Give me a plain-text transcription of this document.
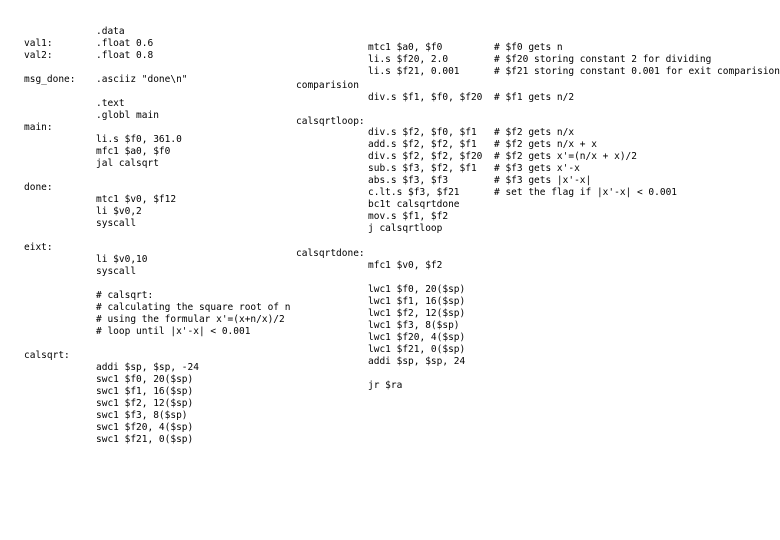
val1:
val2:
msg_done:
main:
done:
eixt:
calsqrt:
.data
.float 0.6
.float 0.8
.asciiz "done\n"
.text
.globl main
li.s $f0, 361.0
mfc1 $a0, $f0
jal calsqrt
mtc1 $v0, $f12
li $v0,2
syscall
li $v0,10
syscall
# calsqrt:
# calculating the square root of n
# using the formular x'=(x+n/x)/2
# loop until |x'-x| < 0.001
addi $sp, $sp, -24
swc1 $f0, 20($sp)
swc1 $f1, 16($sp)
swc1 $f2, 12($sp)
swc1 $f3, 8($sp)
swc1 $f20, 4($sp)
swc1 $f21, 0($sp)
comparision
calsqrtloop:
calsqrtdone:
mtc1 $a0, $f0
li.s $f20, 2.0
li.s $f21, 0.001
# $f0 gets n
# $f20 storing constant 2 for dividing
# $f21 storing constant 0.001 for exit comparision
div.s $f1, $f0, $f20 # $f1 gets n/2
div.s $f2, $f0, $f1
add.s $f2, $f2, $f1
div.s $f2, $f2, $f20
sub.s $f3, $f2, $f1
abs.s $f3, $f3
c.lt.s $f3, $f21
bc1t calsqrtdone
mov.s $f1, $f2
j calsqrtloop
# $f2 gets n/x
# $f2 gets n/x + x
# $f2 gets x'=(n/x + x)/2
# $f3 gets x'-x
# $f3 gets |x'-x|
# set the flag if |x'-x| < 0.001
mfc1 $v0, $f2
lwc1 $f0, 20($sp)
lwc1 $f1, 16($sp)
lwc1 $f2, 12($sp)
lwc1 $f3, 8($sp)
lwc1 $f20, 4($sp)
lwc1 $f21, 0($sp)
addi $sp, $sp, 24
jr $ra
